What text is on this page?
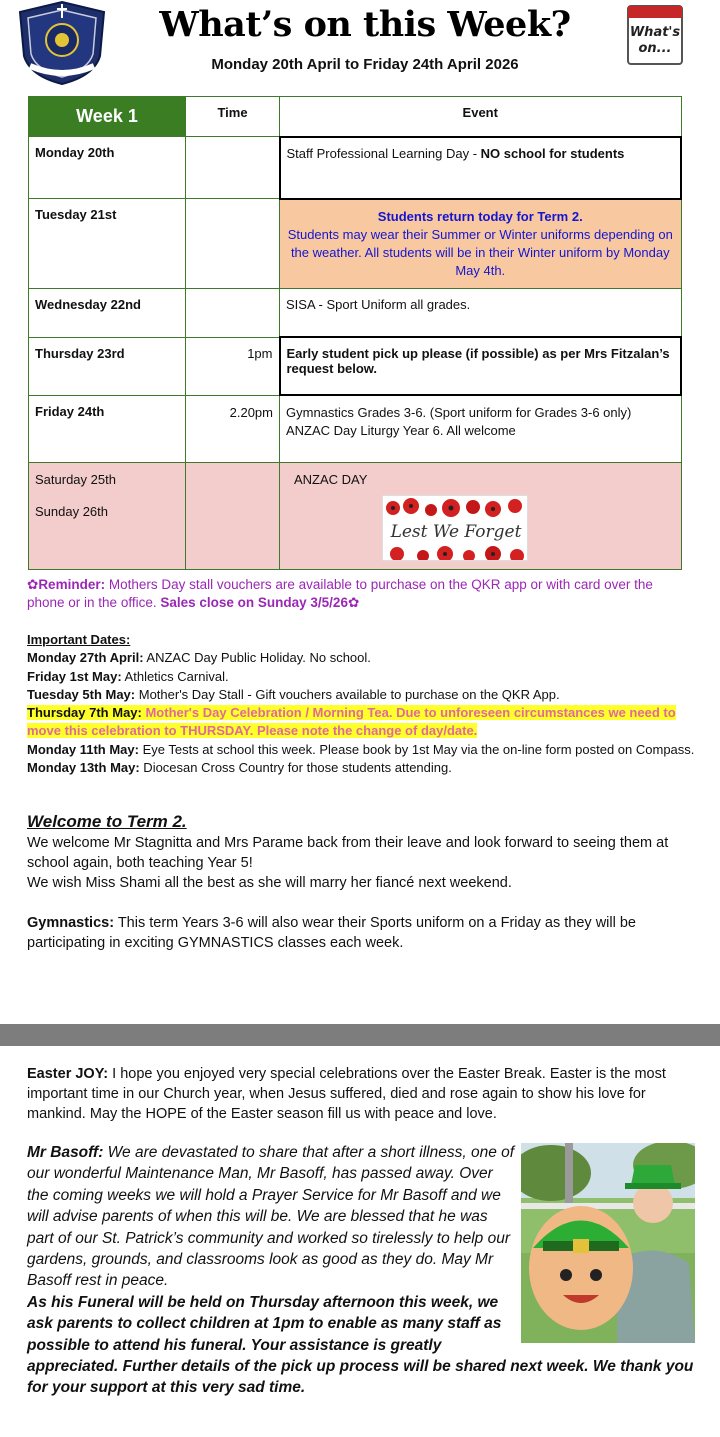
What’s on this Week?
Monday 20th April to Friday 24th April 2026
What's
on...
Week 1	Time	Event
Monday 20th		Staff Professional Learning Day - NO school for students
Tuesday 21st		Students return today for Term 2.
Students may wear their Summer or Winter uniforms depending on the weather. All students will be in their Winter uniform by Monday May 4th.

Wednesday 22nd		SISA - Sport Uniform all grades.
Thursday 23rd	1pm	Early student pick up please (if possible) as per Mrs Fitzalan’s request below.
Friday 24th	2.20pm	Gymnastics Grades 3-6. (Sport uniform for Grades 3-6 only)
ANZAC Day Liturgy Year 6. All welcome

Saturday 25th
Sunday 26th		ANZAC DAY
Lest We Forget
✿Reminder: Mothers Day stall vouchers are available to purchase on the QKR app or with card over the phone or in the office. Sales close on Sunday 3/5/26✿
Important Dates:
Monday 27th April: ANZAC Day Public Holiday. No school.
Friday 1st May: Athletics Carnival.
Tuesday 5th May: Mother's Day Stall - Gift vouchers available to purchase on the QKR App.
Thursday 7th May: Mother's Day Celebration / Morning Tea. Due to unforeseen circumstances we need to move this celebration to THURSDAY. Please note the change of day/date.
Monday 11th May: Eye Tests at school this week. Please book by 1st May via the on-line form posted on Compass.
Monday 13th May: Diocesan Cross Country for those students attending.
Welcome to Term 2.

We welcome Mr Stagnitta and Mrs Parame back from their leave and look forward to seeing them at school again, both teaching Year 5!

We wish Miss Shami all the best as she will marry her fiancé next weekend.

Gymnastics: This term Years 3-6 will also wear their Sports uniform on a Friday as they will be participating in exciting GYMNASTICS classes each week.
Easter JOY: I hope you enjoyed very special celebrations over the Easter Break. Easter is the most important time in our Church year, when Jesus suffered, died and rose again to show his love for mankind. May the HOPE of the Easter season fill us with peace and love.
Mr Basoff: We are devastated to share that after a short illness, one of our wonderful Maintenance Man, Mr Basoff, has passed away. Over the coming weeks we will hold a Prayer Service for Mr Basoff and we will advise parents of when this will be. We are blessed that he was part of our St. Patrick’s community and worked so tirelessly to help our gardens, grounds, and classrooms look as good as they do. May Mr Basoff rest in peace.
As his Funeral will be held on Thursday afternoon this week, we ask parents to collect children at 1pm to enable as many staff as possible to attend his funeral. Your assistance is greatly appreciated. Further details of the pick up process will be shared next week. We thank you for your support at this very sad time.
